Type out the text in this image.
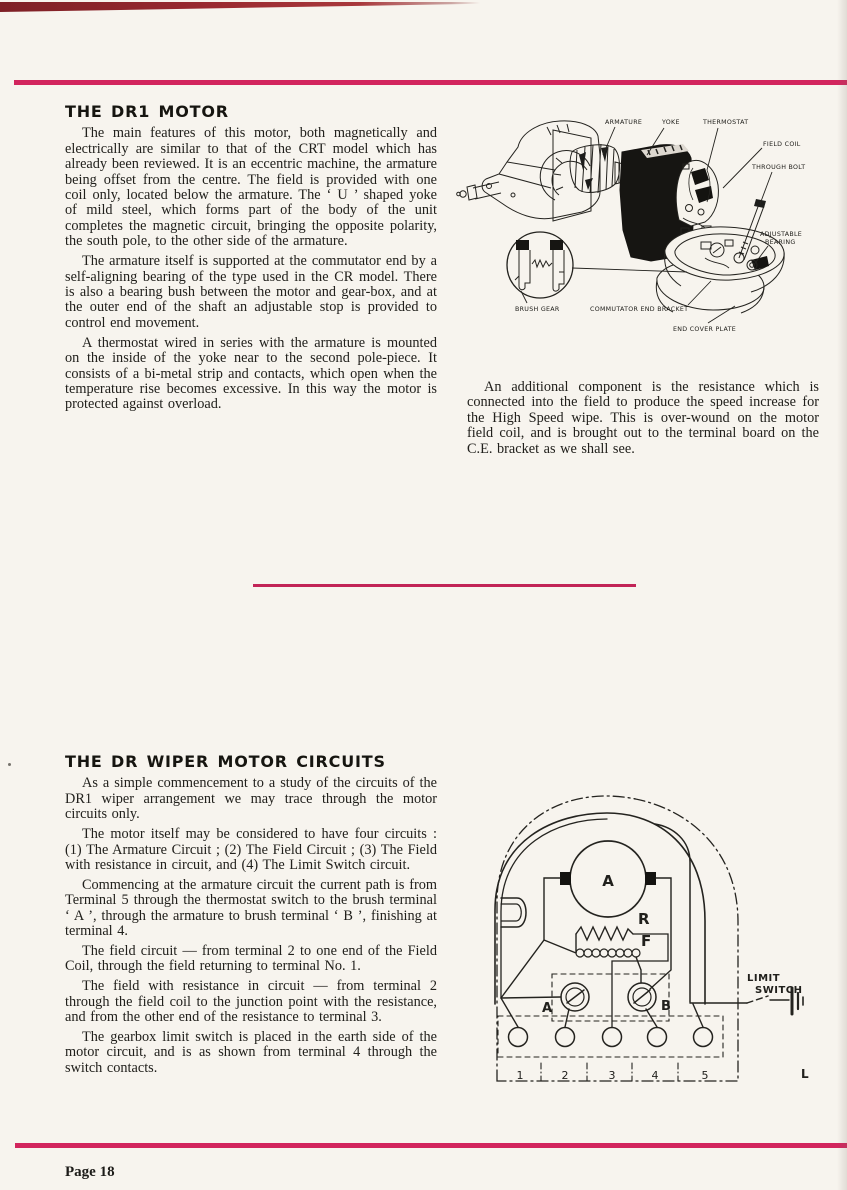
THE DR1 MOTOR

The main features of this motor, both magnetically and electrically are similar to that of the CRT model which has already been reviewed. It is an eccentric machine, the armature being offset from the centre. The field is provided with one coil only, located below the armature. The ‘ U ’ shaped yoke of mild steel, which forms part of the body of the unit completes the magnetic circuit, bringing the opposite polarity, the south pole, to the other side of the armature.

The armature itself is supported at the commutator end by a self-aligning bearing of the type used in the CR model. There is also a bearing bush between the motor and gear-box, and at the outer end of the shaft an adjustable stop is provided to control end movement.

A thermostat wired in series with the armature is mounted on the inside of the yoke near to the second pole-piece. It consists of a bi-metal strip and contacts, which open when the temperature rise becomes excessive. In this way the motor is protected against overload.

ARMATURE	YOKE	THERMOSTAT
FIELD COIL
THROUGH BOLT
ADJUSTABLE
BEARING
BRUSH GEAR	COMMUTATOR END BRACKET
END COVER PLATE

An additional component is the resistance which is connected into the field to produce the speed increase for the High Speed wipe. This is over-wound on the motor field coil, and is brought out to the terminal board on the C.E. bracket as we shall see.

THE DR WIPER MOTOR CIRCUITS

As a simple commencement to a study of the circuits of the DR1 wiper arrangement we may trace through the motor circuits only.

The motor itself may be considered to have four circuits : (1) The Armature Circuit ; (2) The Field Circuit ; (3) The Field with resistance in circuit, and (4) The Limit Switch circuit.

Commencing at the armature circuit the current path is from Terminal 5 through the thermostat switch to the brush terminal ‘ A ’, through the armature to brush terminal ‘ B ’, finishing at terminal 4.

The field circuit — from terminal 2 to one end of the Field Coil, through the field returning to terminal No. 1.

The field with resistance in circuit — from terminal 2 through the field coil to the junction point with the resistance, and from the other end of the resistance to terminal 3.

The gearbox limit switch is placed in the earth side of the motor circuit, and is as shown from terminal 4 through the switch contacts.

A
R
F
A	B
LIMIT
SWITCH
1	2	3	4	5	L
Page 18
